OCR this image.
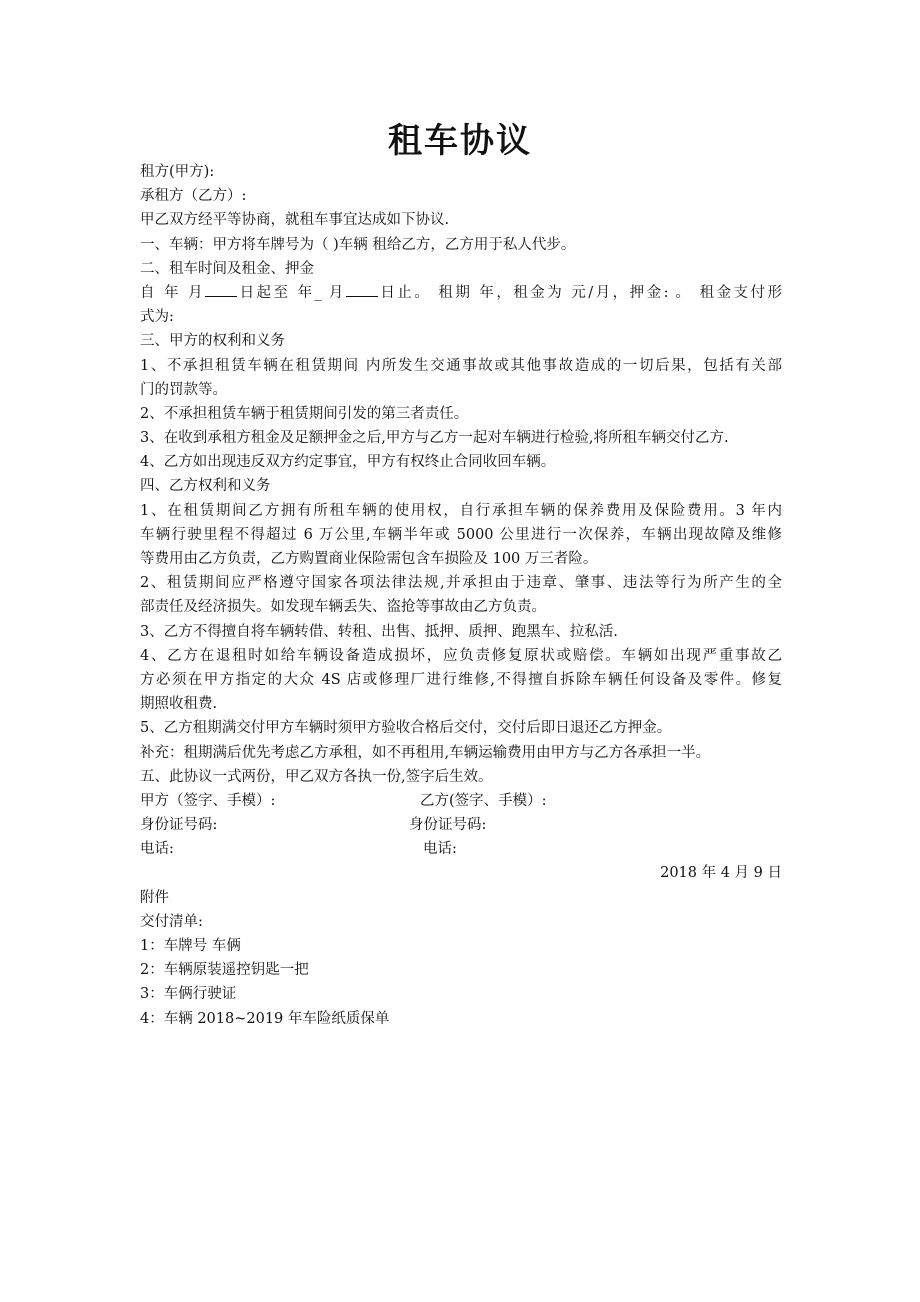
租车协议
租方(甲方):
承租方（乙方）:
甲乙双方经平等协商，就租车事宜达成如下协议.
一、车辆：甲方将车牌号为（ )车辆 租给乙方，乙方用于私人代步。
二、租车时间及租金、押金
自 年 月 日起至 年_ 月 日止。 租期 年，租金为 元/月，押金: 。 租金支付形
式为:
三、甲方的权利和义务
1、不承担租赁车辆在租赁期间 内所发生交通事故或其他事故造成的一切后果，包括有关部
门的罚款等。
2、不承担租赁车辆于租赁期间引发的第三者责任。
3、在收到承租方租金及足额押金之后,甲方与乙方一起对车辆进行检验,将所租车辆交付乙方.
4、乙方如出现违反双方约定事宜，甲方有权终止合同收回车辆。
四、乙方权利和义务
1、在租赁期间乙方拥有所租车辆的使用权，自行承担车辆的保养费用及保险费用。3 年内
车辆行驶里程不得超过 6 万公里,车辆半年或 5000 公里进行一次保养，车辆出现故障及维修
等费用由乙方负责，乙方购置商业保险需包含车损险及 100 万三者险。
2、租赁期间应严格遵守国家各项法律法规,并承担由于违章、肇事、违法等行为所产生的全
部责任及经济损失。如发现车辆丢失、盗抢等事故由乙方负责。
3、乙方不得擅自将车辆转借、转租、出售、抵押、质押、跑黑车、拉私活.
4、乙方在退租时如给车辆设备造成损坏，应负责修复原状或赔偿。车辆如出现严重事故乙
方必须在甲方指定的大众 4S 店或修理厂进行维修,不得擅自拆除车辆任何设备及零件。修复
期照收租费.
5、乙方租期满交付甲方车辆时须甲方验收合格后交付，交付后即日退还乙方押金。
补充：租期满后优先考虑乙方承租，如不再租用,车辆运输费用由甲方与乙方各承担一半。
五、此协议一式两份，甲乙双方各执一份,签字后生效。
甲方（签字、手模）:	乙方(签字、手模）:
身份证号码:	身份证号码:
电话:	电话:
2018 年 4 月 9 日
附件
交付清单:
1：车牌号 车俩
2：车辆原装遥控钥匙一把
3：车俩行驶证
4：车辆 2018~2019 年车险纸质保单
